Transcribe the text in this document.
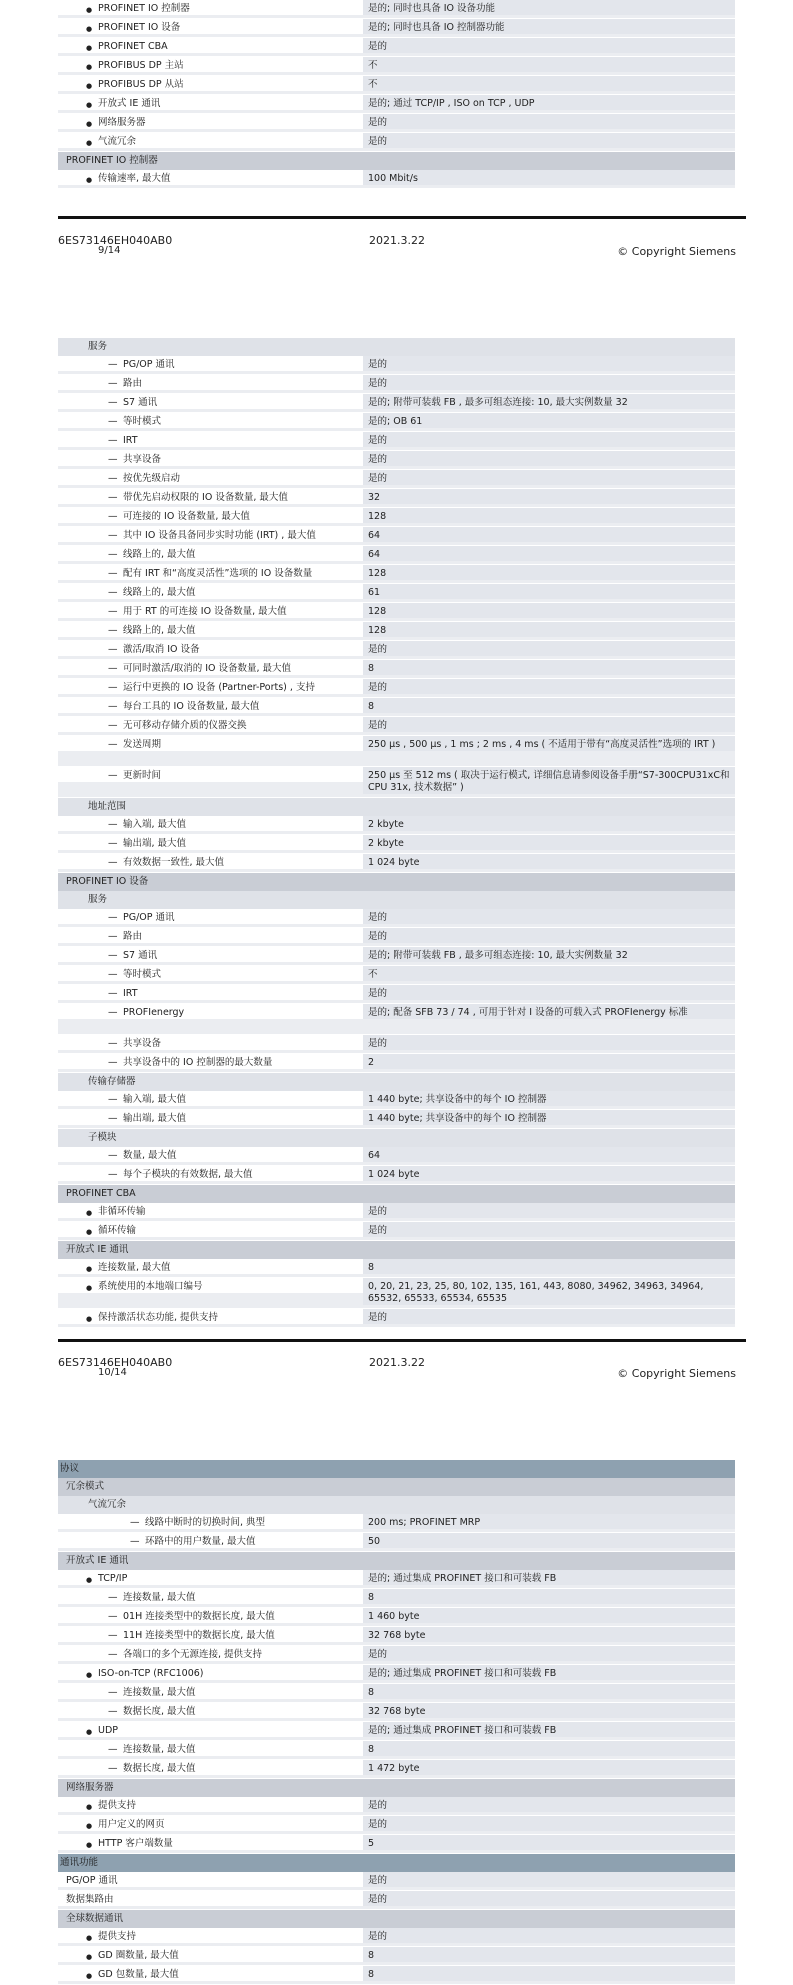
● PROFINET IO 控制器	是的; 同时也具备 IO 设备功能
● PROFINET IO 设备	是的; 同时也具备 IO 控制器功能
● PROFINET CBA	是的
● PROFIBUS DP 主站	不
● PROFIBUS DP 从站	不
● 开放式 IE 通讯	是的; 通过 TCP/IP , ISO on TCP , UDP
● 网络服务器	是的
● 气流冗余	是的
PROFINET IO 控制器
● 传输速率, 最大值	100 Mbit/s
6ES73146EH040AB0
9/14
2021.3.22
© Copyright Siemens
服务
— PG/OP 通讯	是的
— 路由	是的
— S7 通讯	是的; 附带可装载 FB , 最多可组态连接: 10, 最大实例数量 32
— 等时模式	是的; OB 61
— IRT	是的
— 共享设备	是的
— 按优先级启动	是的
— 带优先启动权限的 IO 设备数量, 最大值	32
— 可连接的 IO 设备数量, 最大值	128
— 其中 IO 设备具备同步实时功能 (IRT) , 最大值	64
— 线路上的, 最大值	64
— 配有 IRT 和“高度灵活性”选项的 IO 设备数量	128
— 线路上的, 最大值	61
— 用于 RT 的可连接 IO 设备数量, 最大值	128
— 线路上的, 最大值	128
— 激活/取消 IO 设备	是的
— 可同时激活/取消的 IO 设备数量, 最大值	8
— 运行中更换的 IO 设备 (Partner-Ports) , 支持	是的
— 每台工具的 IO 设备数量, 最大值	8
— 无可移动存储介质的仪器交换	是的
— 发送周期	250 µs , 500 µs , 1 ms ; 2 ms , 4 ms ( 不适用于带有“高度灵活性”选项的 IRT )
— 更新时间	250 µs 至 512 ms ( 取决于运行模式, 详细信息请参阅设备手册“S7-300CPU31xC和CPU 31x, 技术数据” )
地址范围
— 输入端, 最大值	2 kbyte
— 输出端, 最大值	2 kbyte
— 有效数据一致性, 最大值	1 024 byte
PROFINET IO 设备
服务
— PG/OP 通讯	是的
— 路由	是的
— S7 通讯	是的; 附带可装载 FB , 最多可组态连接: 10, 最大实例数量 32
— 等时模式	不
— IRT	是的
— PROFIenergy	是的; 配备 SFB 73 / 74 , 可用于针对 I 设备的可载入式 PROFIenergy 标准
— 共享设备	是的
— 共享设备中的 IO 控制器的最大数量	2
传输存储器
— 输入端, 最大值	1 440 byte; 共享设备中的每个 IO 控制器
— 输出端, 最大值	1 440 byte; 共享设备中的每个 IO 控制器
子模块
— 数量, 最大值	64
— 每个子模块的有效数据, 最大值	1 024 byte
PROFINET CBA
● 非循环传输	是的
● 循环传输	是的
开放式 IE 通讯
● 连接数量, 最大值	8
● 系统使用的本地端口编号	0, 20, 21, 23, 25, 80, 102, 135, 161, 443, 8080, 34962, 34963, 34964, 65532, 65533, 65534, 65535
● 保持激活状态功能, 提供支持	是的
6ES73146EH040AB0
10/14
2021.3.22
© Copyright Siemens
协议
冗余模式
气流冗余
— 线路中断时的切换时间, 典型	200 ms; PROFINET MRP
— 环路中的用户数量, 最大值	50
开放式 IE 通讯
● TCP/IP	是的; 通过集成 PROFINET 接口和可装载 FB
— 连接数量, 最大值	8
— 01H 连接类型中的数据长度, 最大值	1 460 byte
— 11H 连接类型中的数据长度, 最大值	32 768 byte
— 各端口的多个无源连接, 提供支持	是的
● ISO-on-TCP (RFC1006)	是的; 通过集成 PROFINET 接口和可装载 FB
— 连接数量, 最大值	8
— 数据长度, 最大值	32 768 byte
● UDP	是的; 通过集成 PROFINET 接口和可装载 FB
— 连接数量, 最大值	8
— 数据长度, 最大值	1 472 byte
网络服务器
● 提供支持	是的
● 用户定义的网页	是的
● HTTP 客户端数量	5
通讯功能
PG/OP 通讯	是的
数据集路由	是的
全球数据通讯
● 提供支持	是的
● GD 圈数量, 最大值	8
● GD 包数量, 最大值	8
